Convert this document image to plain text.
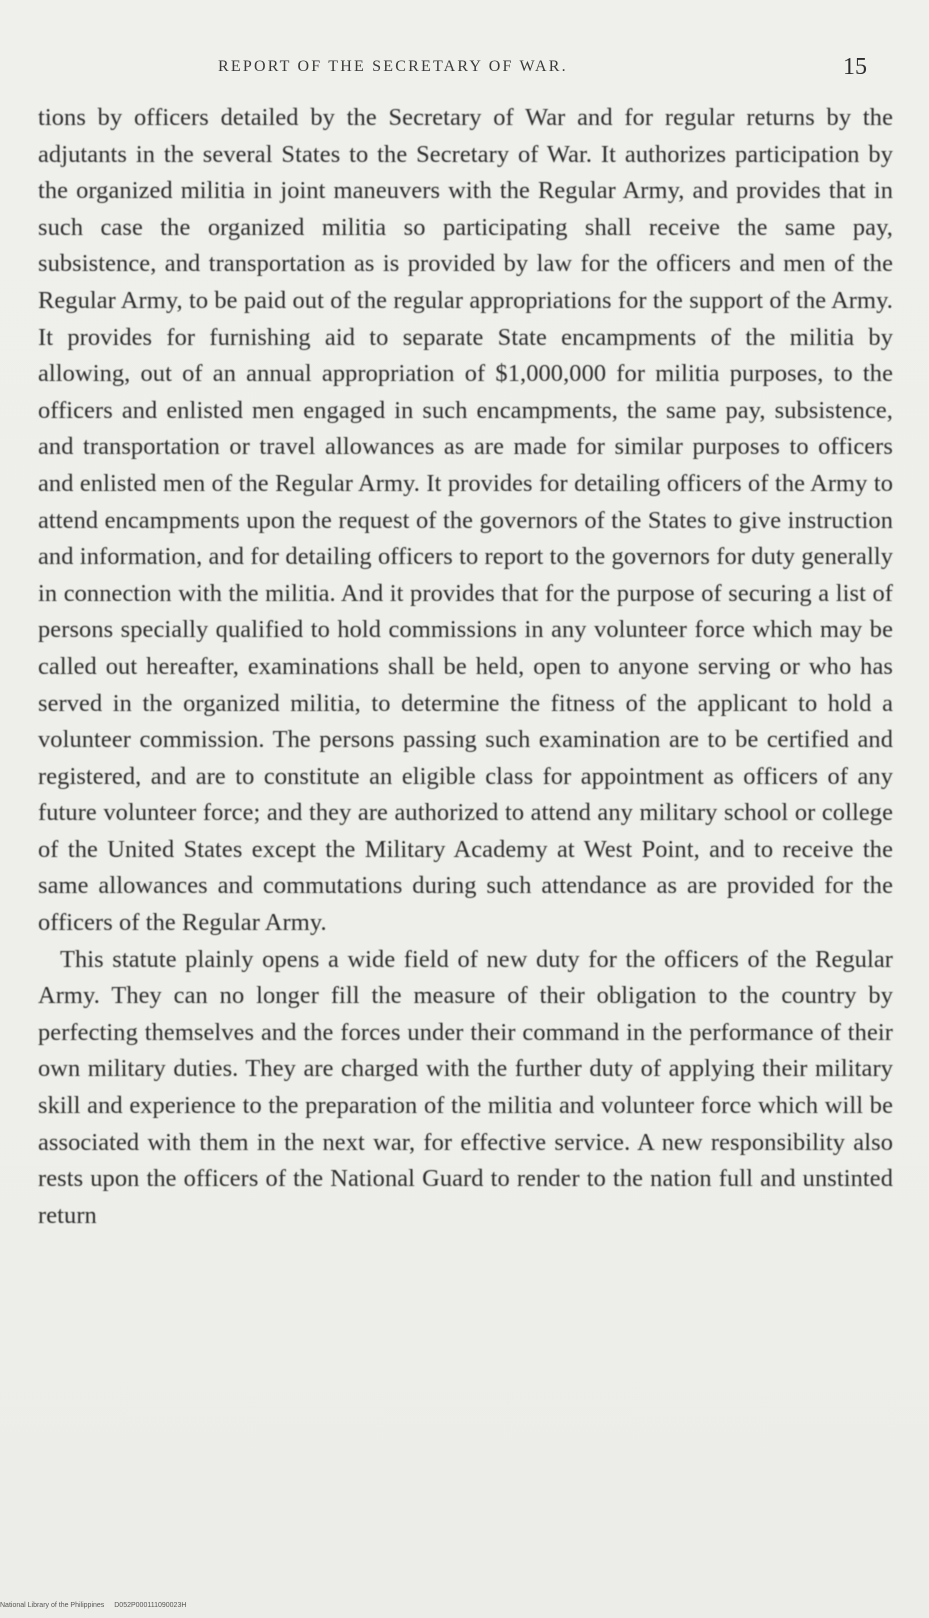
REPORT OF THE SECRETARY OF WAR.	15

tions by officers detailed by the Secretary of War and for regular returns by the adjutants in the several States to the Secretary of War. It authorizes participation by the organized militia in joint maneuvers with the Regular Army, and provides that in such case the organized militia so participating shall receive the same pay, subsistence, and transportation as is provided by law for the officers and men of the Regular Army, to be paid out of the regular appropriations for the support of the Army. It provides for furnishing aid to separate State encampments of the militia by allowing, out of an annual appropriation of $1,000,000 for militia purposes, to the officers and enlisted men engaged in such encampments, the same pay, subsistence, and transportation or travel allowances as are made for similar purposes to officers and enlisted men of the Regular Army. It provides for detailing officers of the Army to attend encampments upon the request of the governors of the States to give instruction and information, and for detailing officers to report to the governors for duty generally in connection with the militia. And it provides that for the purpose of securing a list of persons specially qualified to hold commissions in any volunteer force which may be called out hereafter, examinations shall be held, open to anyone serving or who has served in the organized militia, to determine the fitness of the applicant to hold a volunteer commission. The persons passing such examination are to be certified and registered, and are to constitute an eligible class for appointment as officers of any future volunteer force; and they are authorized to attend any military school or college of the United States except the Military Academy at West Point, and to receive the same allowances and commutations during such attendance as are provided for the officers of the Regular Army.

This statute plainly opens a wide field of new duty for the officers of the Regular Army. They can no longer fill the measure of their obligation to the country by perfecting themselves and the forces under their command in the performance of their own military duties. They are charged with the further duty of applying their military skill and experience to the preparation of the militia and volunteer force which will be associated with them in the next war, for effective service. A new responsibility also rests upon the officers of the National Guard to render to the nation full and unstinted return

National Library of the Philippines D052P000111090023H
